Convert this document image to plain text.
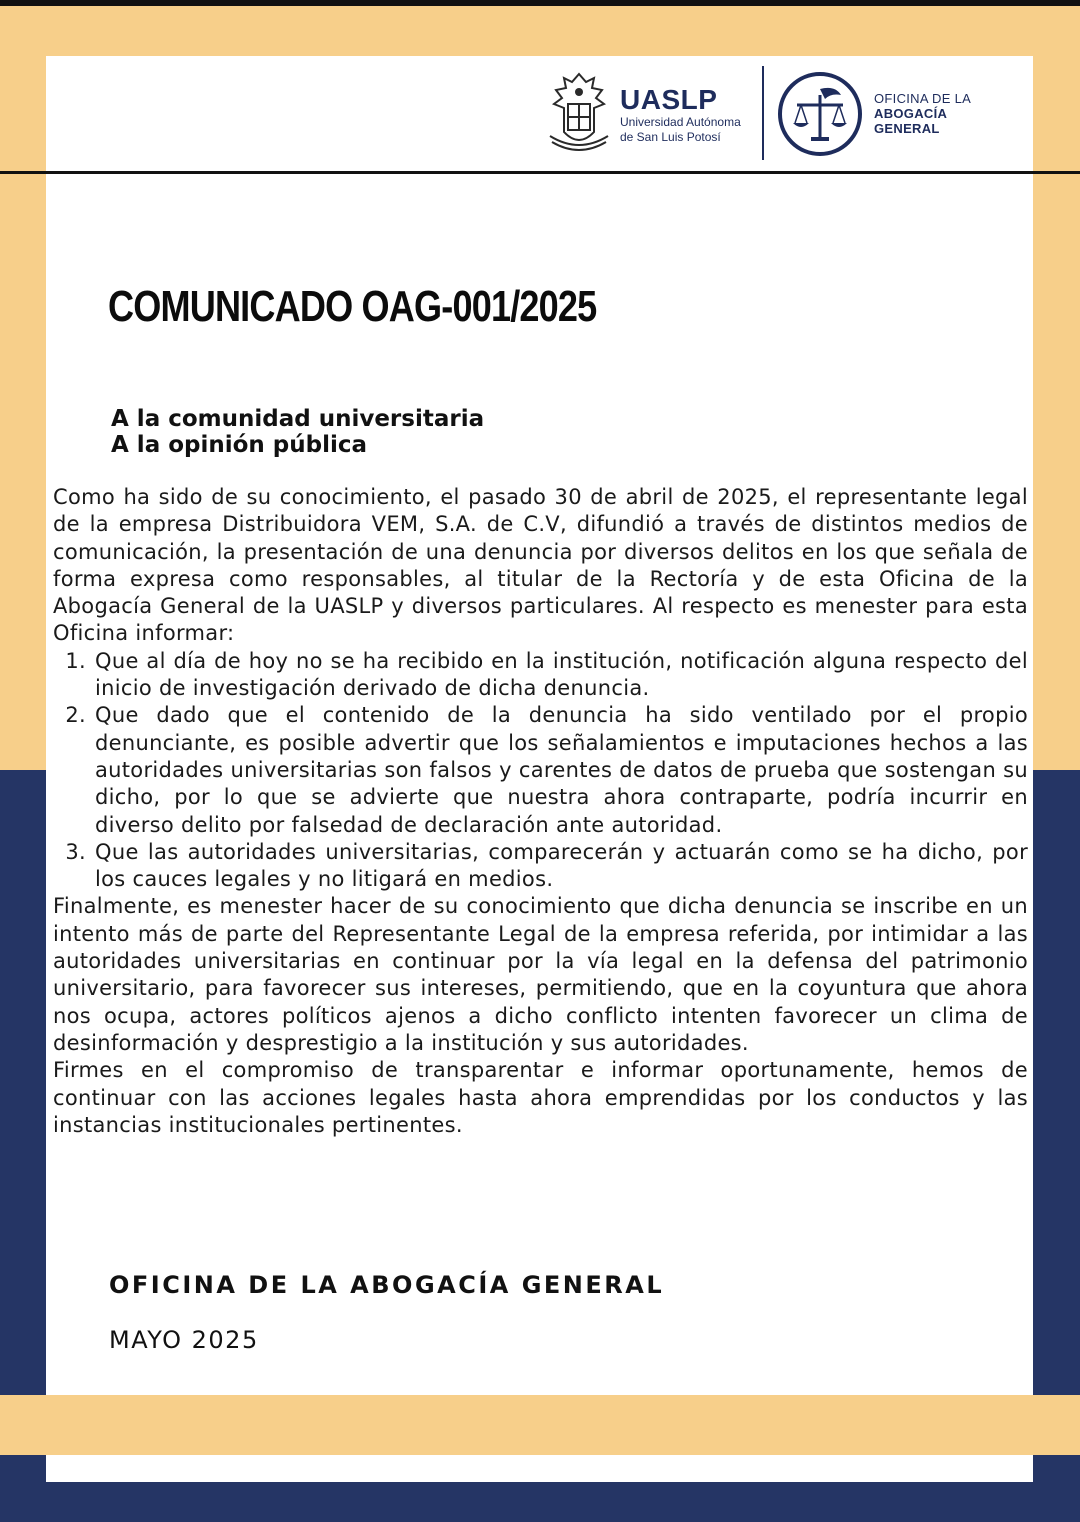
UASLP
Universidad Autónoma
de San Luis Potosí
OFICINA DE LA
ABOGACÍA
GENERAL
COMUNICADO OAG-001/2025
A la comunidad universitaria
A la opinión pública

Como ha sido de su conocimiento, el pasado 30 de abril de 2025, el representante legal de la empresa Distribuidora VEM, S.A. de C.V, difundió a través de distintos medios de comunicación, la presentación de una denuncia por diversos delitos en los que señala de forma expresa como responsables, al titular de la Rectoría y de esta Oficina de la Abogacía General de la UASLP y diversos particulares. Al respecto es menester para esta Oficina informar:

1. Que al día de hoy no se ha recibido en la institución, notificación alguna respecto del inicio de investigación derivado de dicha denuncia.
2. Que dado que el contenido de la denuncia ha sido ventilado por el propio denunciante, es posible advertir que los señalamientos e imputaciones hechos a las autoridades universitarias son falsos y carentes de datos de prueba que sostengan su dicho, por lo que se advierte que nuestra ahora contraparte, podría incurrir en diverso delito por falsedad de declaración ante autoridad.
3. Que las autoridades universitarias, comparecerán y actuarán como se ha dicho, por los cauces legales y no litigará en medios.

Finalmente, es menester hacer de su conocimiento que dicha denuncia se inscribe en un intento más de parte del Representante Legal de la empresa referida, por intimidar a las autoridades universitarias en continuar por la vía legal en la defensa del patrimonio universitario, para favorecer sus intereses, permitiendo, que en la coyuntura que ahora nos ocupa, actores políticos ajenos a dicho conflicto intenten favorecer un clima de desinformación y desprestigio a la institución y sus autoridades.

Firmes en el compromiso de transparentar e informar oportunamente, hemos de continuar con las acciones legales hasta ahora emprendidas por los conductos y las instancias institucionales pertinentes.

OFICINA DE LA ABOGACÍA GENERAL
MAYO 2025
